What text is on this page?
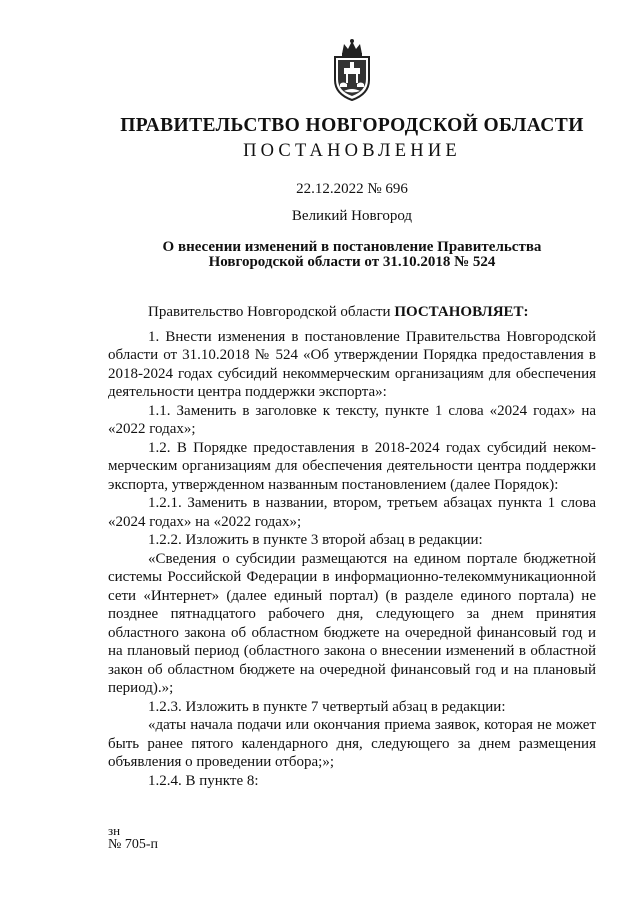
ПРАВИТЕЛЬСТВО НОВГОРОДСКОЙ ОБЛАСТИ
ПОСТАНОВЛЕНИЕ
22.12.2022 № 696
Великий Новгород
О внесении изменений в постановление Правительства
Новгородской области от 31.10.2018 № 524

Правительство Новгородской области ПОСТАНОВЛЯЕТ:

1. Внести изменения в постановление Правительства Новгородской области от 31.10.2018 № 524 «Об утверждении Порядка предоставления в 2018-2024 годах субсидий некоммерческим организациям для обеспечения деятельности центра поддержки экспорта»:

1.1. Заменить в заголовке к тексту, пункте 1 слова «2024 годах» на «2022 годах»;

1.2. В Порядке предоставления в 2018-2024 годах субсидий неком-мерческим организациям для обеспечения деятельности центра поддержки экспорта, утвержденном названным постановлением (далее Порядок):

1.2.1. Заменить в названии, втором, третьем абзацах пункта 1 слова «2024 годах» на «2022 годах»;

1.2.2. Изложить в пункте 3 второй абзац в редакции:

«Сведения о субсидии размещаются на едином портале бюджетной системы Российской Федерации в информационно-телекоммуникационной сети «Интернет» (далее единый портал) (в разделе единого портала) не позднее пятнадцатого рабочего дня, следующего за днем принятия областного закона об областном бюджете на очередной финансовый год и на плановый период (областного закона о внесении изменений в областной закон об областном бюджете на очередной финансовый год и на плановый период).»;

1.2.3. Изложить в пункте 7 четвертый абзац в редакции:

«даты начала подачи или окончания приема заявок, которая не может быть ранее пятого календарного дня, следующего за днем размещения объявления о проведении отбора;»;

1.2.4. В пункте 8:

зн
№ 705-п
